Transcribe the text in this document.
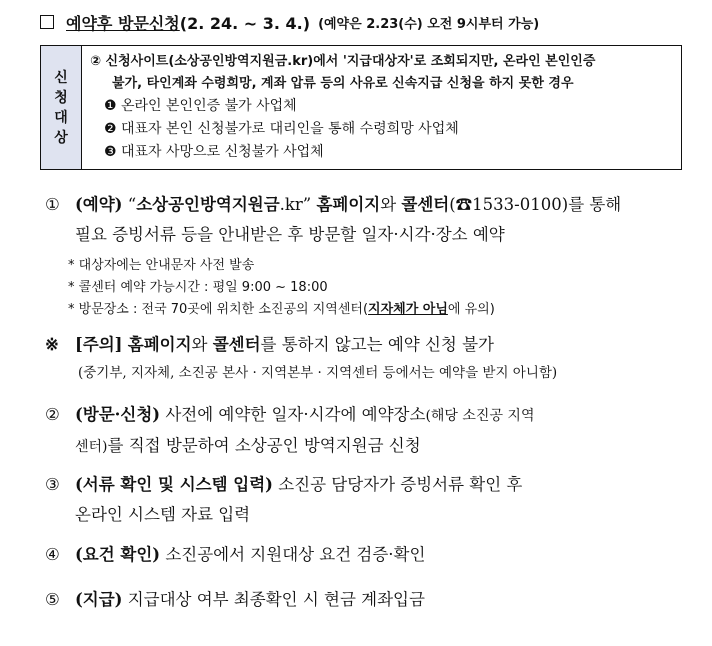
예약후 방문신청(2. 24. ~ 3. 4.) (예약은 2.23(수) 오전 9시부터 가능)
신
청
대
상
② 신청사이트(소상공인방역지원금.kr)에서 '지급대상자'로 조회되지만, 온라인 본인인증
불가, 타인계좌 수령희망, 계좌 압류 등의 사유로 신속지급 신청을 하지 못한 경우
❶ 온라인 본인인증 불가 사업체
❷ 대표자 본인 신청불가로 대리인을 통해 수령희망 사업체
❸ 대표자 사망으로 신청불가 사업체
① (예약) “소상공인방역지원금.kr” 홈페이지와 콜센터(☎1533-0100)를 통해
필요 증빙서류 등을 안내받은 후 방문할 일자·시각·장소 예약
* 대상자에는 안내문자 사전 발송
* 콜센터 예약 가능시간 : 평일 9:00 ~ 18:00
* 방문장소 : 전국 70곳에 위치한 소진공의 지역센터(지자체가 아님에 유의)
※ [주의] 홈페이지와 콜센터를 통하지 않고는 예약 신청 불가
(중기부, 지자체, 소진공 본사 · 지역본부 · 지역센터 등에서는 예약을 받지 아니함)
② (방문·신청) 사전에 예약한 일자·시각에 예약장소(해당 소진공 지역
센터)를 직접 방문하여 소상공인 방역지원금 신청
③ (서류 확인 및 시스템 입력) 소진공 담당자가 증빙서류 확인 후
온라인 시스템 자료 입력
④ (요건 확인) 소진공에서 지원대상 요건 검증·확인
⑤ (지급) 지급대상 여부 최종확인 시 현금 계좌입금
